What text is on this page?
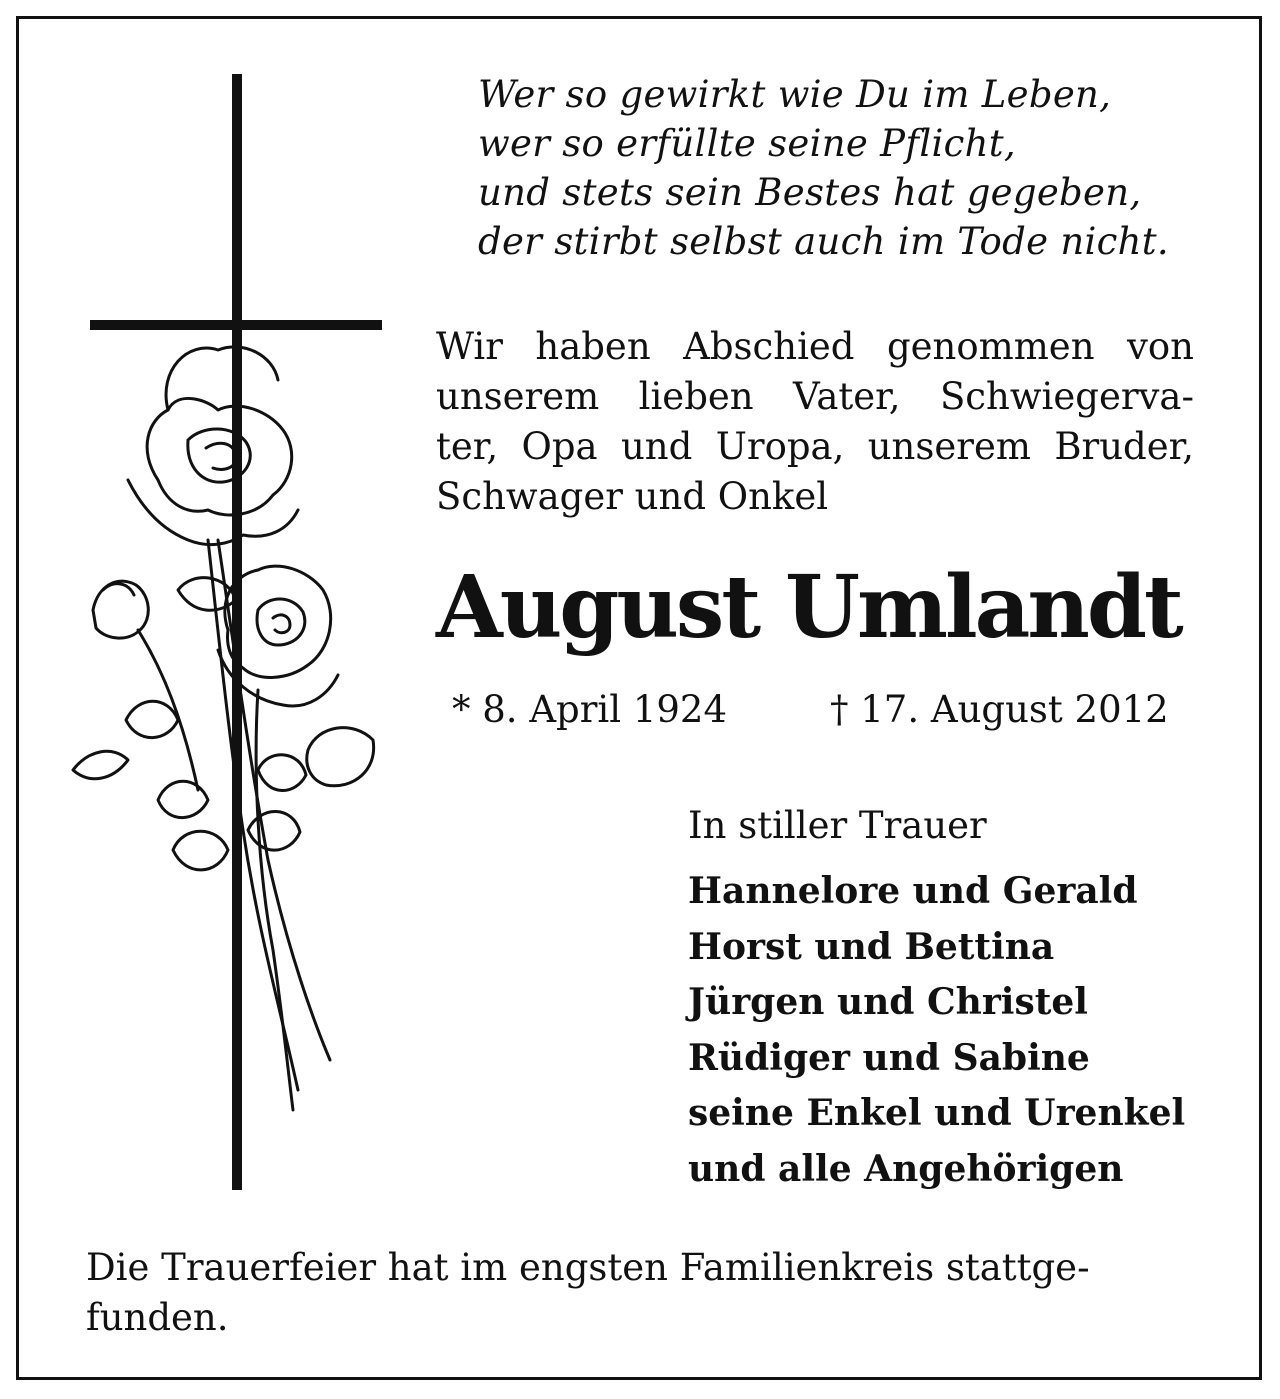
Wer so gewirkt wie Du im Leben,
wer so erfüllte seine Pflicht,
und stets sein Bestes hat gegeben,
der stirbt selbst auch im Tode nicht.
Wir haben Abschied genommen von
unserem lieben Vater, Schwiegerva-
ter, Opa und Uropa, unserem Bruder,
Schwager und Onkel
August Umlandt
* 8. April 1924	† 17. August 2012
In stiller Trauer
Hannelore und Gerald
Horst und Bettina
Jürgen und Christel
Rüdiger und Sabine
seine Enkel und Urenkel
und alle Angehörigen
Die Trauerfeier hat im engsten Familienkreis stattge-
funden.
